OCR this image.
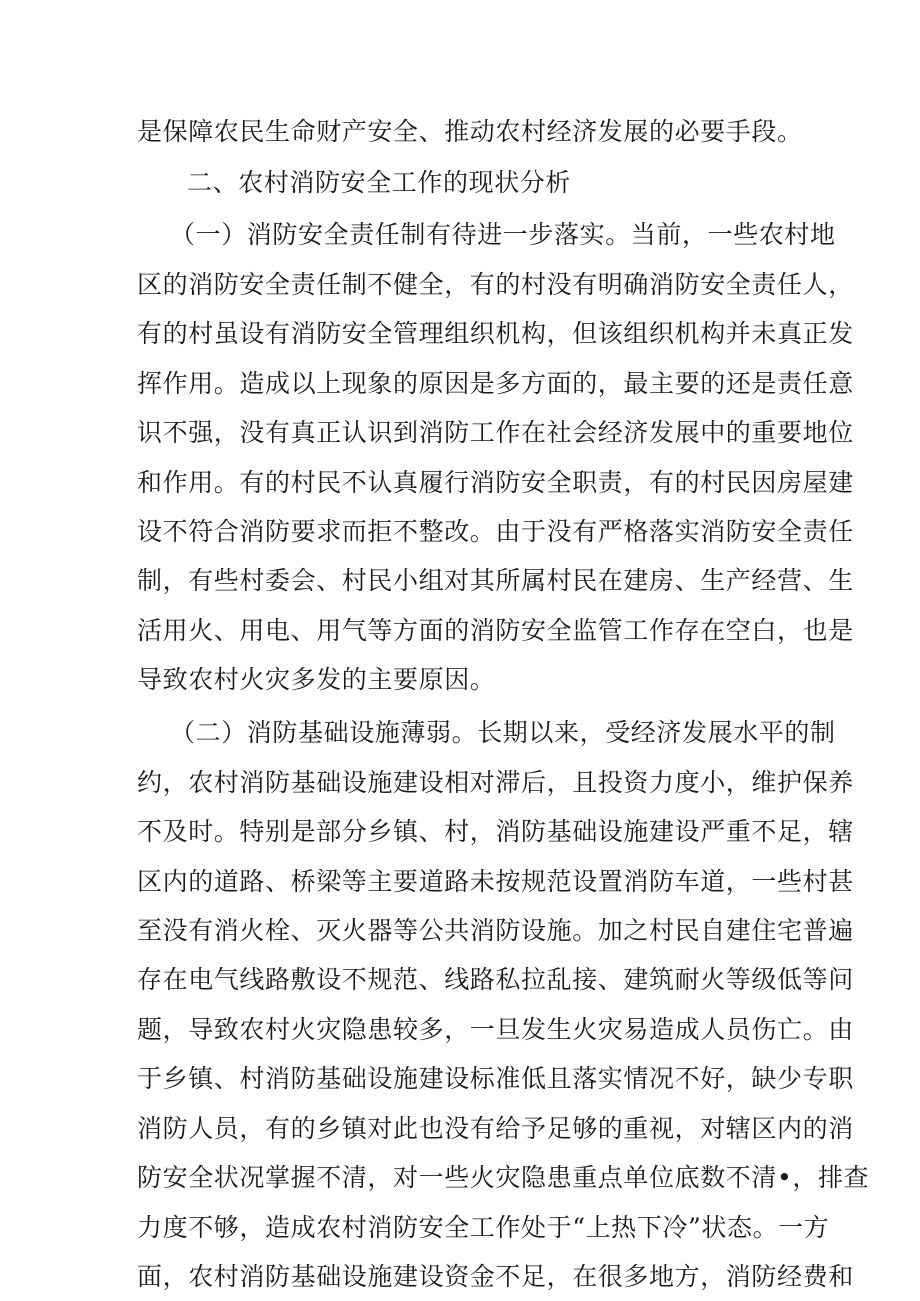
是保障农民生命财产安全、推动农村经济发展的必要手段。
二、农村消防安全工作的现状分析
（一）消防安全责任制有待进一步落实。当前，一些农村地
区的消防安全责任制不健全，有的村没有明确消防安全责任人，
有的村虽设有消防安全管理组织机构，但该组织机构并未真正发
挥作用。造成以上现象的原因是多方面的，最主要的还是责任意
识不强，没有真正认识到消防工作在社会经济发展中的重要地位
和作用。有的村民不认真履行消防安全职责，有的村民因房屋建
设不符合消防要求而拒不整改。由于没有严格落实消防安全责任
制，有些村委会、村民小组对其所属村民在建房、生产经营、生
活用火、用电、用气等方面的消防安全监管工作存在空白，也是
导致农村火灾多发的主要原因。
（二）消防基础设施薄弱。长期以来，受经济发展水平的制
约，农村消防基础设施建设相对滞后，且投资力度小，维护保养
不及时。特别是部分乡镇、村，消防基础设施建设严重不足，辖
区内的道路、桥梁等主要道路未按规范设置消防车道，一些村甚
至没有消火栓、灭火器等公共消防设施。加之村民自建住宅普遍
存在电气线路敷设不规范、线路私拉乱接、建筑耐火等级低等问
题，导致农村火灾隐患较多，一旦发生火灾易造成人员伤亡。由
于乡镇、村消防基础设施建设标准低且落实情况不好，缺少专职
消防人员，有的乡镇对此也没有给予足够的重视，对辖区内的消
防安全状况掌握不清，对一些火灾隐患重点单位底数不清•，排查
力度不够，造成农村消防安全工作处于“上热下冷”状态。一方
面，农村消防基础设施建设资金不足，在很多地方，消防经费和
